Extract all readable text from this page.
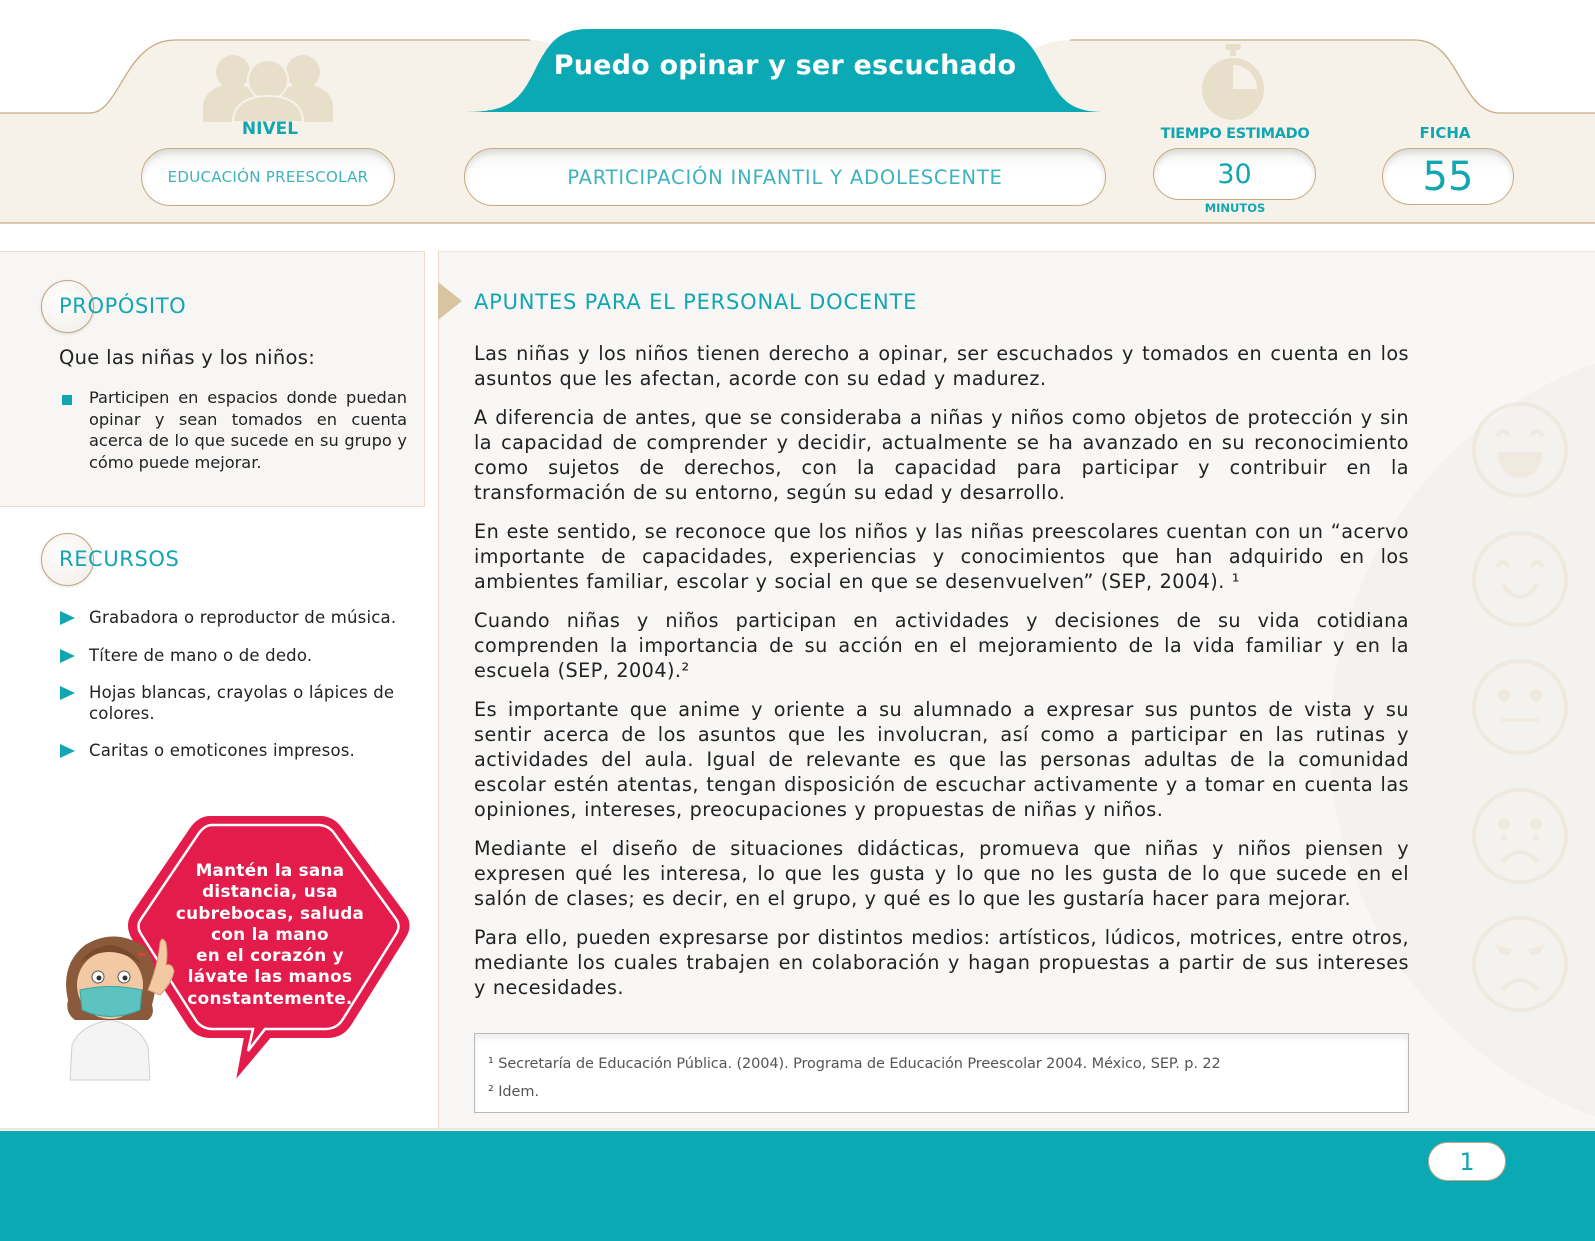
NIVEL
EDUCACIÓN PREESCOLAR
Puedo opinar y ser escuchado
PARTICIPACIÓN INFANTIL Y ADOLESCENTE
TIEMPO ESTIMADO
30
MINUTOS
FICHA
55
PROPÓSITO
Que las niñas y los niños:
Participen en espacios donde puedan opinar y sean tomados en cuenta acerca de lo que sucede en su grupo y cómo puede mejorar.
RECURSOS
Grabadora o reproductor de música.
Títere de mano o de dedo.
Hojas blancas, crayolas o lápices de colores.
Caritas o emoticones impresos.
Mantén la sana
distancia, usa
cubrebocas, saluda
con la mano
en el corazón y
lávate las manos
constantemente.

APUNTES PARA EL PERSONAL DOCENTE

Las niñas y los niños tienen derecho a opinar, ser escuchados y tomados en cuenta en los asuntos que les afectan, acorde con su edad y madurez.

A diferencia de antes, que se consideraba a niñas y niños como objetos de protección y sin la capacidad de comprender y decidir, actualmente se ha avanzado en su reconocimiento como sujetos de derechos, con la capacidad para participar y contribuir en la transformación de su entorno, según su edad y desarrollo.

En este sentido, se reconoce que los niños y las niñas preescolares cuentan con un “acervo importante de capacidades, experiencias y conocimientos que han adquirido en los ambientes familiar, escolar y social en que se desenvuelven” (SEP, 2004). ¹

Cuando niñas y niños participan en actividades y decisiones de su vida cotidiana comprenden la importancia de su acción en el mejoramiento de la vida familiar y en la escuela (SEP, 2004).²

Es importante que anime y oriente a su alumnado a expresar sus puntos de vista y su sentir acerca de los asuntos que les involucran, así como a participar en las rutinas y actividades del aula. Igual de relevante es que las personas adultas de la comunidad escolar estén atentas, tengan disposición de escuchar activamente y a tomar en cuenta las opiniones, intereses, preocupaciones y propuestas de niñas y niños.

Mediante el diseño de situaciones didácticas, promueva que niñas y niños piensen y expresen qué les interesa, lo que les gusta y lo que no les gusta de lo que sucede en el salón de clases; es decir, en el grupo, y qué es lo que les gustaría hacer para mejorar.

Para ello, pueden expresarse por distintos medios: artísticos, lúdicos, motrices, entre otros, mediante los cuales trabajen en colaboración y hagan propuestas a partir de sus intereses y necesidades.

¹ Secretaría de Educación Pública. (2004). Programa de Educación Preescolar 2004. México, SEP. p. 22
² Idem.
1
